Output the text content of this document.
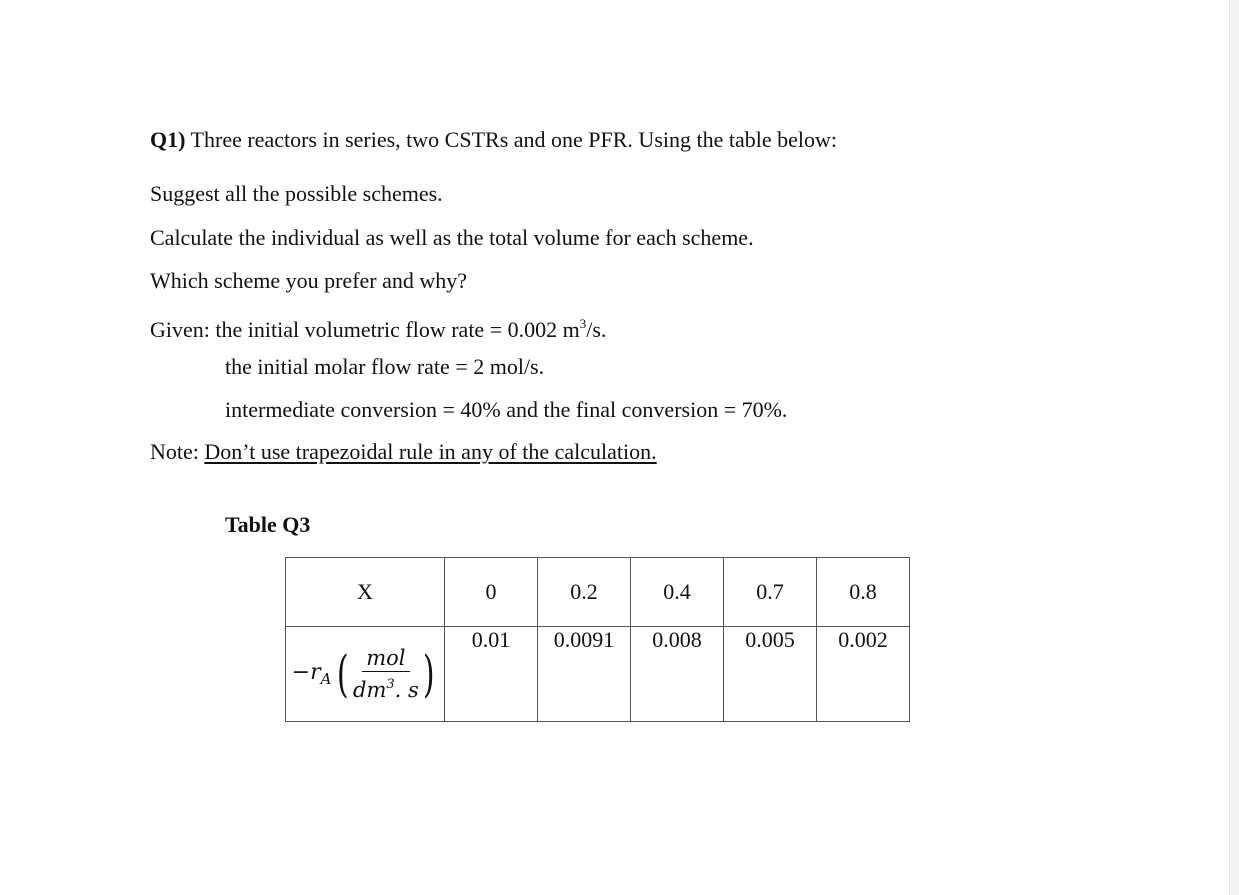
Q1) Three reactors in series, two CSTRs and one PFR. Using the table below:
Suggest all the possible schemes.
Calculate the individual as well as the total volume for each scheme.
Which scheme you prefer and why?
Given: the initial volumetric flow rate = 0.002 $m^3/s$.
the initial molar flow rate = 2 mol/s.
intermediate conversion = 40% and the final conversion = 70%.
Note: Don’t use trapezoidal rule in any of the calculation.
Table Q3
X	0	0.2	0.4	0.7	0.8

$-r_A$ ( $\frac{\text{mol}}{dm^3. s}$ )	0.01	0.0091	0.008	0.005	0.002
